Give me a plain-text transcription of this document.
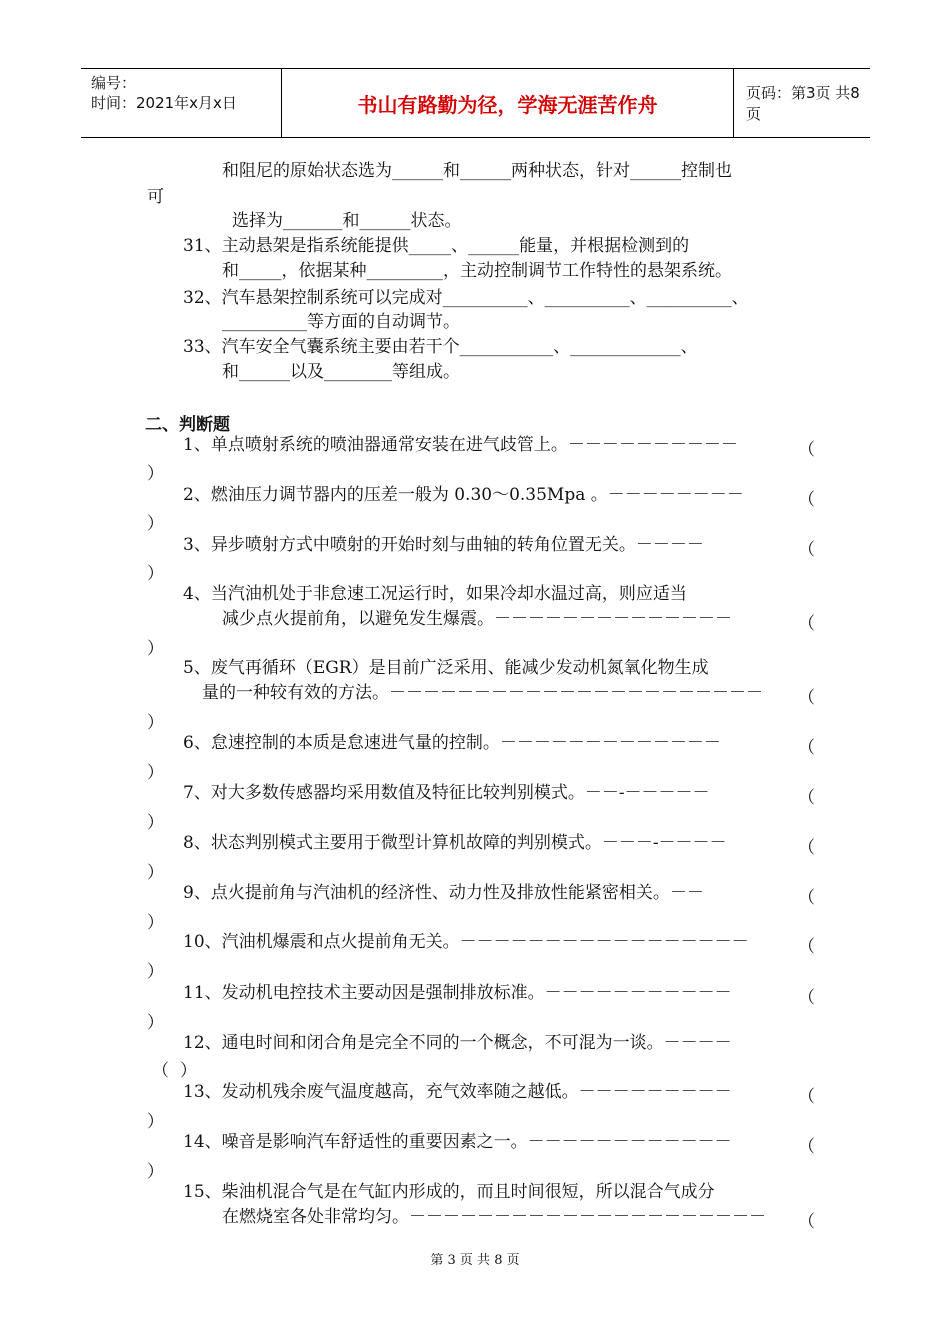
编号：
时间：2021年x月x日	书山有路勤为径，学海无涯苦作舟	页码：第3页 共8页
和阻尼的原始状态选为______和______两种状态，针对______控制也
可
选择为_______和______状态。
31、主动悬架是指系统能提供_____、______能量，并根据检测到的
和_____，依据某种_________，主动控制调节工作特性的悬架系统。
32、汽车悬架控制系统可以完成对__________、__________、__________、
__________等方面的自动调节。
33、汽车安全气囊系统主要由若干个___________、_____________、
和______以及________等组成。
二、判断题
1、单点喷射系统的喷油器通常安装在进气歧管上。－－－－－－－－－－	（
）
2、燃油压力调节器内的压差一般为 0.30～0.35Mpa 。－－－－－－－－	（
）
3、异步喷射方式中喷射的开始时刻与曲轴的转角位置无关。－－－－	（
）
4、当汽油机处于非怠速工况运行时，如果冷却水温过高，则应适当
减少点火提前角，以避免发生爆震。－－－－－－－－－－－－－－	（
）
5、废气再循环（EGR）是目前广泛采用、能减少发动机氮氧化物生成
量的一种较有效的方法。－－－－－－－－－－－－－－－－－－－－－－ （
）
6、怠速控制的本质是怠速进气量的控制。－－－－－－－－－－－－－	（
）
7、对大多数传感器均采用数值及特征比较判别模式。－－-－－－－－	（
）
8、状态判别模式主要用于微型计算机故障的判别模式。－－－-－－－－	（
）
9、点火提前角与汽油机的经济性、动力性及排放性能紧密相关。－－	（
）
10、汽油机爆震和点火提前角无关。－－－－－－－－－－－－－－－－－	（
）
11、发动机电控技术主要动因是强制排放标准。－－－－－－－－－－－	（
）
12、通电时间和闭合角是完全不同的一个概念，不可混为一谈。－－－－
（ ）
13、发动机残余废气温度越高，充气效率随之越低。－－－－－－－－－	（
）
14、噪音是影响汽车舒适性的重要因素之一。－－－－－－－－－－－－	（
）
15、柴油机混合气是在气缸内形成的，而且时间很短，所以混合气成分
在燃烧室各处非常均匀。－－－－－－－－－－－－－－－－－－－－－ （
第 3 页 共 8 页
